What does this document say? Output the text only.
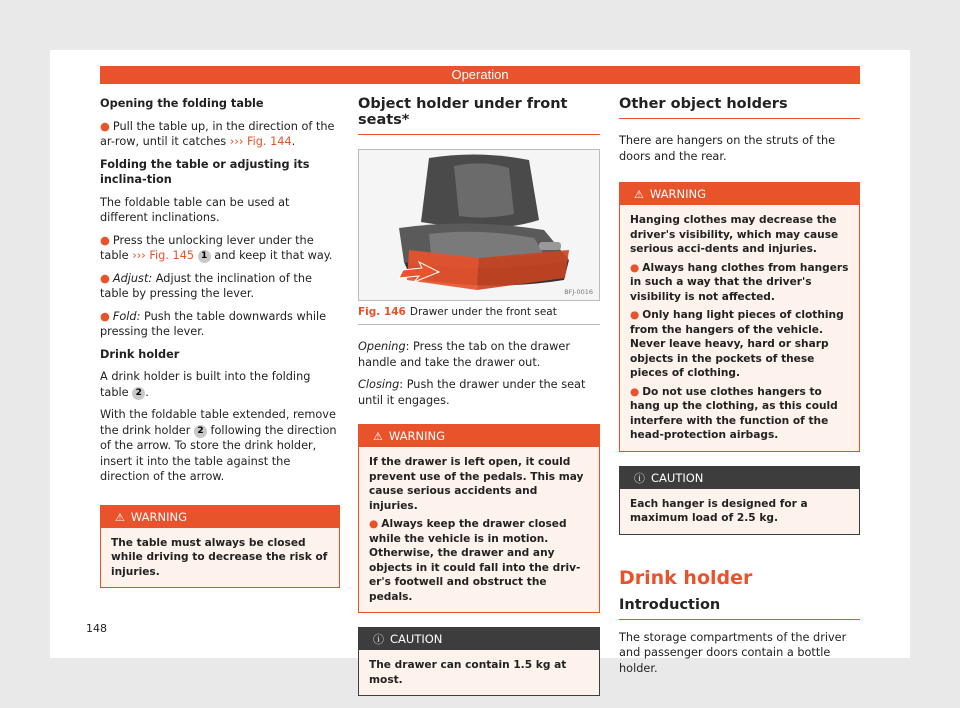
Operation

Opening the folding table

● Pull the table up, in the direction of the ar-row, until it catches ››› Fig. 144.

Folding the table or adjusting its inclina-tion

The foldable table can be used at different inclinations.

● Press the unlocking lever under the table ››› Fig. 145 1 and keep it that way.

● Adjust: Adjust the inclination of the table by pressing the lever.

● Fold: Push the table downwards while pressing the lever.

Drink holder

A drink holder is built into the folding table 2 .

With the foldable table extended, remove the drink holder 2 following the direction of the arrow. To store the drink holder, insert it into the table against the direction of the arrow.

⚠ WARNING
The table must always be closed while driving to decrease the risk of injuries.
Object holder under front seats*
BFJ-0016
Fig. 146 Drawer under the front seat

Opening: Press the tab on the drawer handle and take the drawer out.

Closing: Push the drawer under the seat until it engages.

⚠ WARNING

If the drawer is left open, it could prevent use of the pedals. This may cause serious accidents and injuries.

● Always keep the drawer closed while the vehicle is in motion. Otherwise, the drawer and any objects in it could fall into the driv-er's footwell and obstruct the pedals.

ⓘ CAUTION
The drawer can contain 1.5 kg at most.
Other object holders

There are hangers on the struts of the doors and the rear.

⚠ WARNING

Hanging clothes may decrease the driver's visibility, which may cause serious acci-dents and injuries.

● Always hang clothes from hangers in such a way that the driver's visibility is not affected.

● Only hang light pieces of clothing from the hangers of the vehicle. Never leave heavy, hard or sharp objects in the pockets of these pieces of clothing.

● Do not use clothes hangers to hang up the clothing, as this could interfere with the function of the head-protection airbags.

ⓘ CAUTION
Each hanger is designed for a maximum load of 2.5 kg.
Drink holder
Introduction

The storage compartments of the driver and passenger doors contain a bottle holder.

148
